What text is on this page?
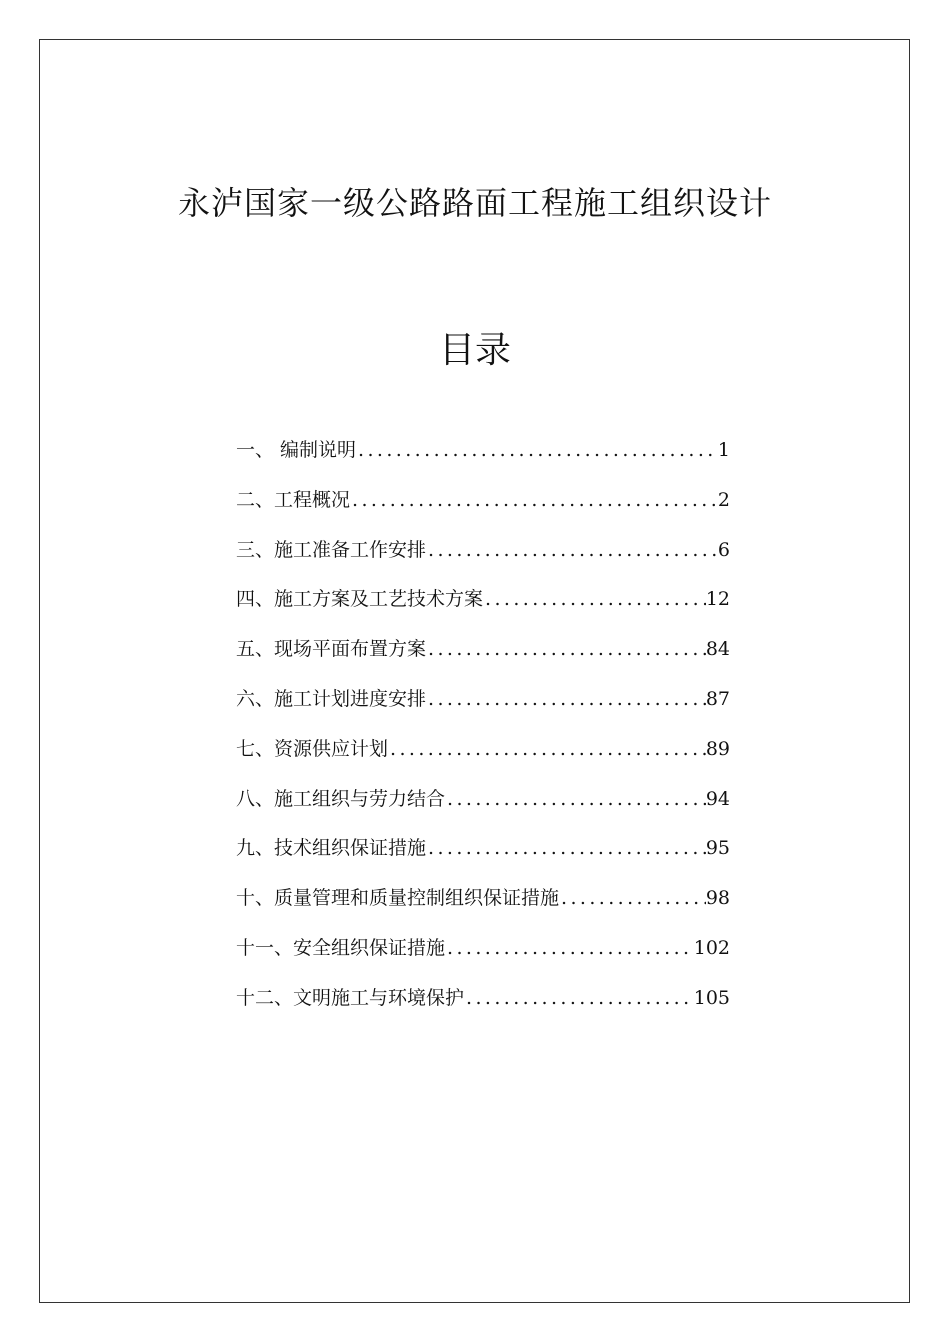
永泸国家一级公路路面工程施工组织设计
目录
一、 编制说明 .....	1
二、工程概况 .....	2
三、施工准备工作安排 .....	6
四、施工方案及工艺技术方案 .....	12
五、现场平面布置方案 .....	84
六、施工计划进度安排 .....	87
七、资源供应计划 .....	89
八、施工组织与劳力结合 .....	94
九、技术组织保证措施 .....	95
十、质量管理和质量控制组织保证措施 .....	98
十一、安全组织保证措施 .....	102
十二、文明施工与环境保护 .....	105
